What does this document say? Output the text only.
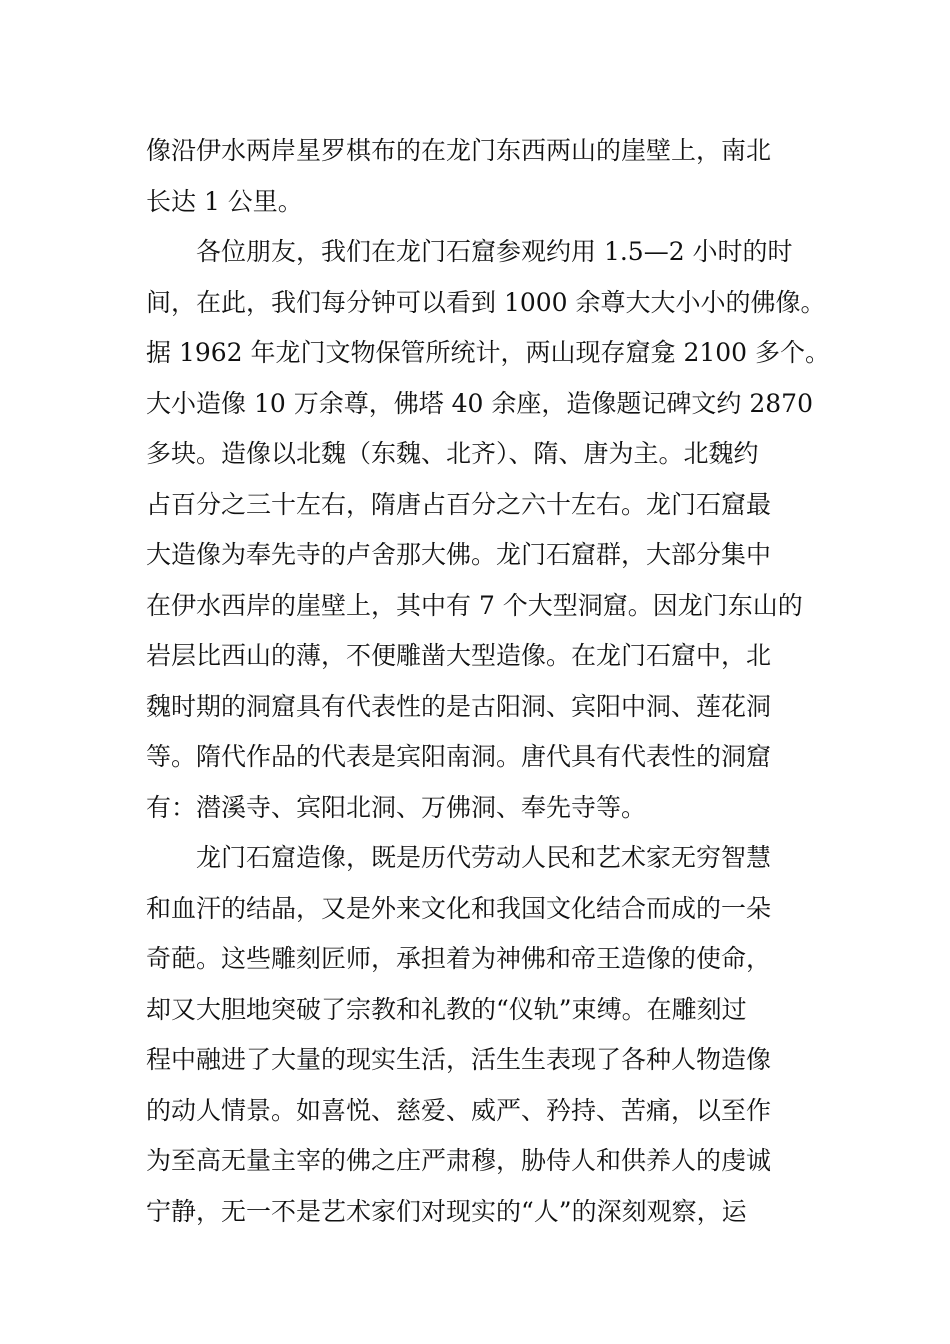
像沿伊水两岸星罗棋布的在龙门东西两山的崖壁上，南北
长达 1 公里。
各位朋友，我们在龙门石窟参观约用 1.5—2 小时的时
间，在此，我们每分钟可以看到 1000 余尊大大小小的佛像。
据 1962 年龙门文物保管所统计，两山现存窟龛 2100 多个。
大小造像 10 万余尊，佛塔 40 余座，造像题记碑文约 2870
多块。造像以北魏（东魏、北齐）、隋、唐为主。北魏约
占百分之三十左右，隋唐占百分之六十左右。龙门石窟最
大造像为奉先寺的卢舍那大佛。龙门石窟群，大部分集中
在伊水西岸的崖壁上，其中有 7 个大型洞窟。因龙门东山的
岩层比西山的薄，不便雕凿大型造像。在龙门石窟中，北
魏时期的洞窟具有代表性的是古阳洞、宾阳中洞、莲花洞
等。隋代作品的代表是宾阳南洞。唐代具有代表性的洞窟
有：潜溪寺、宾阳北洞、万佛洞、奉先寺等。
龙门石窟造像，既是历代劳动人民和艺术家无穷智慧
和血汗的结晶，又是外来文化和我国文化结合而成的一朵
奇葩。这些雕刻匠师，承担着为神佛和帝王造像的使命，
却又大胆地突破了宗教和礼教的“仪轨”束缚。在雕刻过
程中融进了大量的现实生活，活生生表现了各种人物造像
的动人情景。如喜悦、慈爱、威严、矜持、苦痛，以至作
为至高无量主宰的佛之庄严肃穆，胁侍人和供养人的虔诚
宁静，无一不是艺术家们对现实的“人”的深刻观察，运
